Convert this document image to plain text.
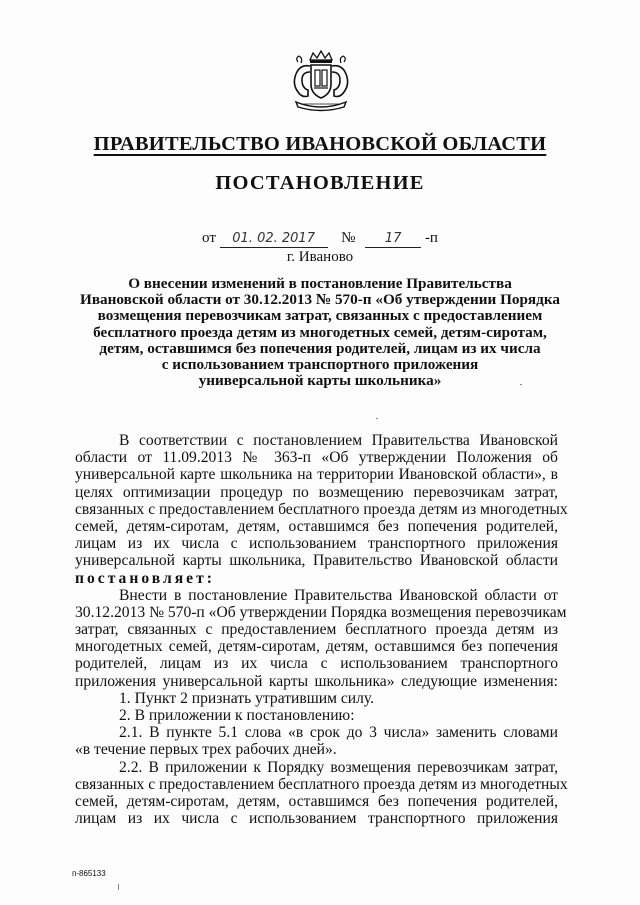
ПРАВИТЕЛЬСТВО ИВАНОВСКОЙ ОБЛАСТИ
ПОСТАНОВЛЕНИЕ
от 01. 02. 2017 № 17 -п
г. Иваново
О внесении изменений в постановление Правительства
Ивановской области от 30.12.2013 № 570-п «Об утверждении Порядка
возмещения перевозчикам затрат, связанных с предоставлением
бесплатного проезда детям из многодетных семей, детям-сиротам,
детям, оставшимся без попечения родителей, лицам из их числа
с использованием транспортного приложения
универсальной карты школьника»
В соответствии с постановлением Правительства Ивановской
области от 11.09.2013 № 363-п «Об утверждении Положения об
универсальной карте школьника на территории Ивановской области», в
целях оптимизации процедур по возмещению перевозчикам затрат,
связанных с предоставлением бесплатного проезда детям из многодетных
семей, детям-сиротам, детям, оставшимся без попечения родителей,
лицам из их числа с использованием транспортного приложения
универсальной карты школьника, Правительство Ивановской области
постановляет:
Внести в постановление Правительства Ивановской области от
30.12.2013 № 570-п «Об утверждении Порядка возмещения перевозчикам
затрат, связанных с предоставлением бесплатного проезда детям из
многодетных семей, детям-сиротам, детям, оставшимся без попечения
родителей, лицам из их числа с использованием транспортного
приложения универсальной карты школьника» следующие изменения:
1. Пункт 2 признать утратившим силу.
2. В приложении к постановлению:
2.1. В пункте 5.1 слова «в срок до 3 числа» заменить словами
«в течение первых трех рабочих дней».
2.2. В приложении к Порядку возмещения перевозчикам затрат,
связанных с предоставлением бесплатного проезда детям из многодетных
семей, детям-сиротам, детям, оставшимся без попечения родителей,
лицам из их числа с использованием транспортного приложения
п-865133
